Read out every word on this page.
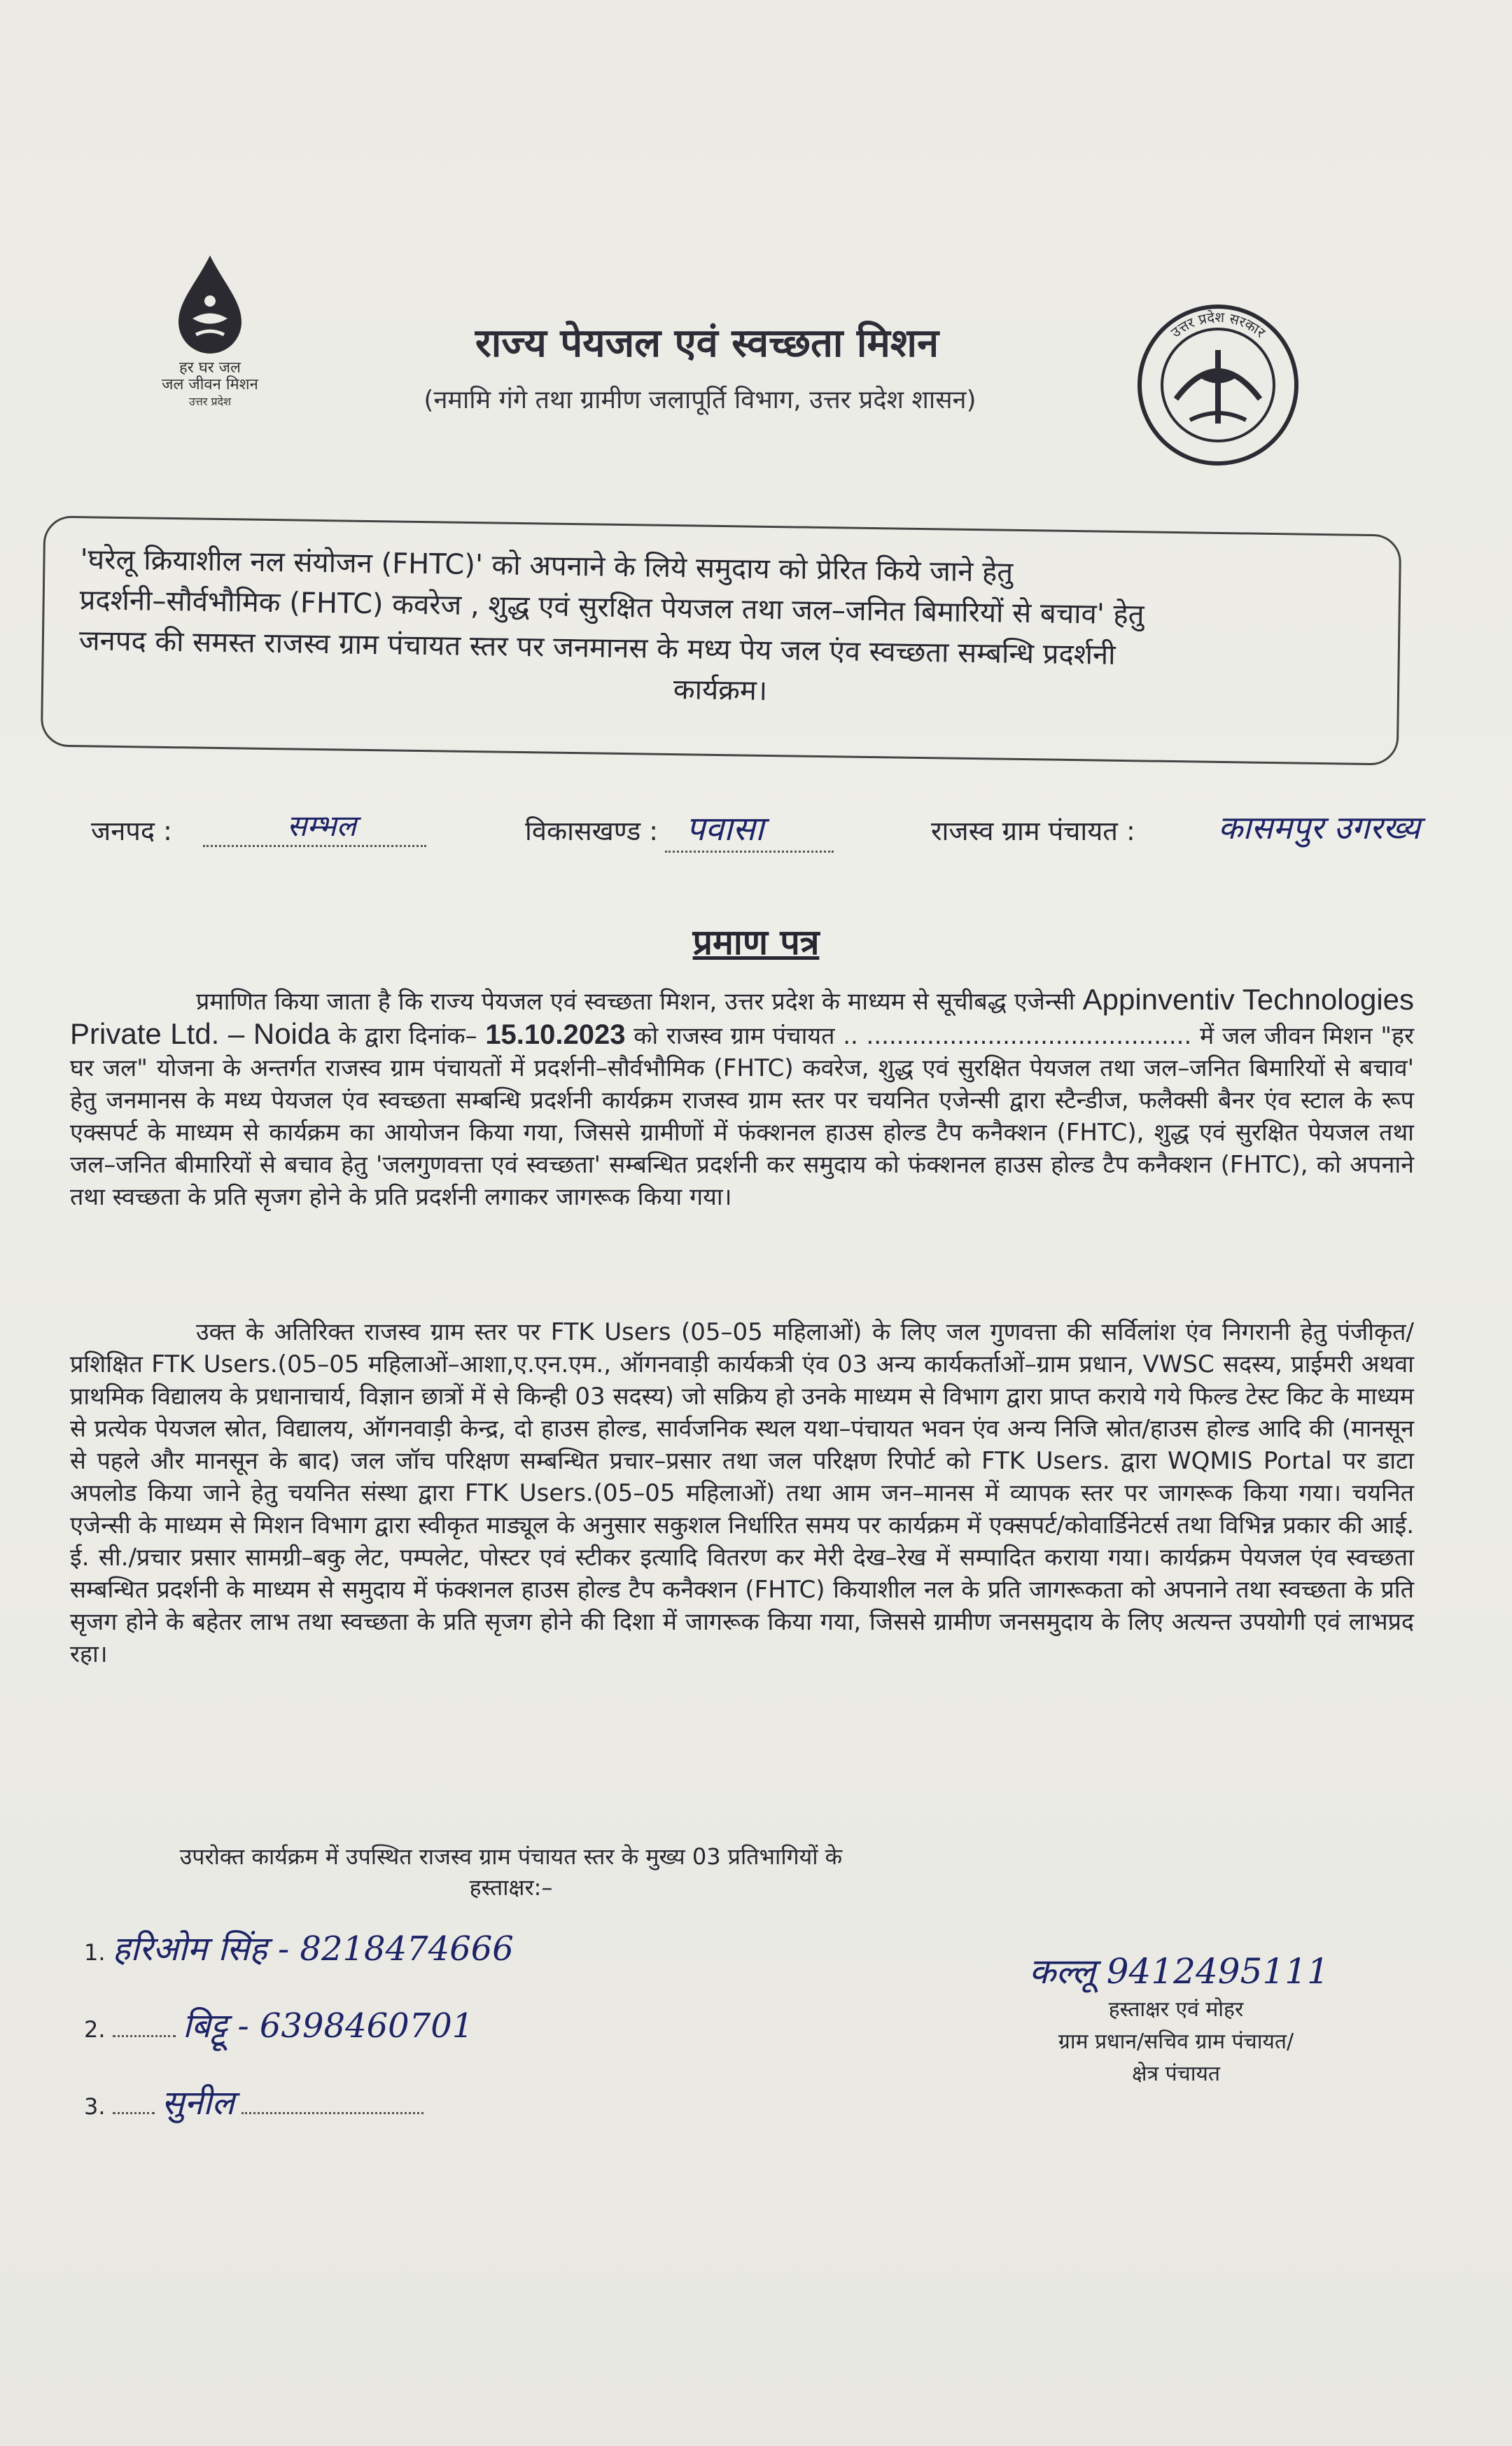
हर घर जल
जल जीवन मिशन
उत्तर प्रदेश
राज्य पेयजल एवं स्वच्छता मिशन
(नमामि गंगे तथा ग्रामीण जलापूर्ति विभाग, उत्तर प्रदेश शासन)
उत्तर प्रदेश सरकार

'घरेलू क्रियाशील नल संयोजन (FHTC)' को अपनाने के लिये समुदाय को प्रेरित किये जाने हेतु

प्रदर्शनी–सौर्वभौमिक (FHTC) कवरेज , शुद्ध एवं सुरक्षित पेयजल तथा जल–जनित बिमारियों से बचाव' हेतु

जनपद की समस्त राजस्व ग्राम पंचायत स्तर पर जनमानस के मध्य पेय जल एंव स्वच्छता सम्बन्धि प्रदर्शनी

कार्यक्रम।

जनपद :	सम्भल	विकासखण्ड : पवासा	राजस्व ग्राम पंचायत :	कासमपुर उगरख्य
प्रमाण पत्र

प्रमाणित किया जाता है कि राज्य पेयजल एवं स्वच्छता मिशन, उत्तर प्रदेश के माध्यम से सूचीबद्ध एजेन्सी Appinventiv Technologies Private Ltd. – Noida के द्वारा दिनांक– 15.10.2023 को राजस्व ग्राम पंचायत .. ........................................... में जल जीवन मिशन "हर घर जल" योजना के अन्तर्गत राजस्व ग्राम पंचायतों में प्रदर्शनी–सौर्वभौमिक (FHTC) कवरेज, शुद्ध एवं सुरक्षित पेयजल तथा जल–जनित बिमारियों से बचाव' हेतु जनमानस के मध्य पेयजल एंव स्वच्छता सम्बन्धि प्रदर्शनी कार्यक्रम राजस्व ग्राम स्तर पर चयनित एजेन्सी द्वारा स्टैन्डीज, फलैक्सी बैनर एंव स्टाल के रूप एक्सपर्ट के माध्यम से कार्यक्रम का आयोजन किया गया, जिससे ग्रामीणों में फंक्शनल हाउस होल्ड टैप कनैक्शन (FHTC), शुद्ध एवं सुरक्षित पेयजल तथा जल–जनित बीमारियों से बचाव हेतु 'जलगुणवत्ता एवं स्वच्छता' सम्बन्धित प्रदर्शनी कर समुदाय को फंक्शनल हाउस होल्ड टैप कनैक्शन (FHTC), को अपनाने तथा स्वच्छता के प्रति सृजग होने के प्रति प्रदर्शनी लगाकर जागरूक किया गया।

उक्त के अतिरिक्त राजस्व ग्राम स्तर पर FTK Users (05–05 महिलाओं) के लिए जल गुणवत्ता की सर्विलांश एंव निगरानी हेतु पंजीकृत/प्रशिक्षित FTK Users.(05–05 महिलाओं–आशा,ए.एन.एम., ऑगनवाड़ी कार्यकत्री एंव 03 अन्य कार्यकर्ताओं–ग्राम प्रधान, VWSC सदस्य, प्राईमरी अथवा प्राथमिक विद्यालय के प्रधानाचार्य, विज्ञान छात्रों में से किन्ही 03 सदस्य) जो सक्रिय हो उनके माध्यम से विभाग द्वारा प्राप्त कराये गये फिल्ड टेस्ट किट के माध्यम से प्रत्येक पेयजल स्रोत, विद्यालय, ऑगनवाड़ी केन्द्र, दो हाउस होल्ड, सार्वजनिक स्थल यथा–पंचायत भवन एंव अन्य निजि स्रोत/हाउस होल्ड आदि की (मानसून से पहले और मानसून के बाद) जल जॉच परिक्षण सम्बन्धित प्रचार–प्रसार तथा जल परिक्षण रिपोर्ट को FTK Users. द्वारा WQMIS Portal पर डाटा अपलोड किया जाने हेतु चयनित संस्था द्वारा FTK Users.(05–05 महिलाओं) तथा आम जन–मानस में व्यापक स्तर पर जागरूक किया गया। चयनित एजेन्सी के माध्यम से मिशन विभाग द्वारा स्वीकृत माड्यूल के अनुसार सकुशल निर्धारित समय पर कार्यक्रम में एक्सपर्ट/कोवार्डिनेटर्स तथा विभिन्न प्रकार की आई. ई. सी./प्रचार प्रसार सामग्री–बकु लेट, पम्पलेट, पोस्टर एवं स्टीकर इत्यादि वितरण कर मेरी देख–रेख में सम्पादित कराया गया। कार्यक्रम पेयजल एंव स्वच्छता सम्बन्धित प्रदर्शनी के माध्यम से समुदाय में फंक्शनल हाउस होल्ड टैप कनैक्शन (FHTC) कियाशील नल के प्रति जागरूकता को अपनाने तथा स्वच्छता के प्रति सृजग होने के बहेतर लाभ तथा स्वच्छता के प्रति सृजग होने की दिशा में जागरूक किया गया, जिससे ग्रामीण जनसमुदाय के लिए अत्यन्त उपयोगी एवं लाभप्रद रहा।

उपरोक्त कार्यक्रम में उपस्थित राजस्व ग्राम पंचायत स्तर के मुख्य 03 प्रतिभागियों के
हस्ताक्षर:–
1. हरिओम सिंह - 8218474666
2. बिट्टू - 6398460701
3. सुनील
कल्लू 9412495111
हस्ताक्षर एवं मोहर
ग्राम प्रधान/सचिव ग्राम पंचायत/
क्षेत्र पंचायत
